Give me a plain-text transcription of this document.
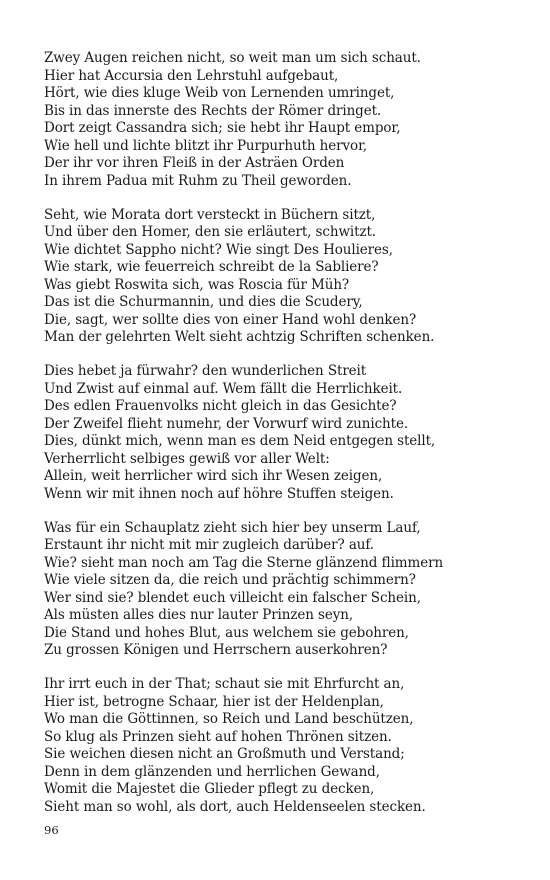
Zwey Augen reichen nicht, so weit man um sich schaut.
Hier hat Accursia den Lehrstuhl aufgebaut,
Hört, wie dies kluge Weib von Lernenden umringet,
Bis in das innerste des Rechts der Römer dringet.
Dort zeigt Cassandra sich; sie hebt ihr Haupt empor,
Wie hell und lichte blitzt ihr Purpurhuth hervor,
Der ihr vor ihren Fleiß in der Asträen Orden
In ihrem Padua mit Ruhm zu Theil geworden.
Seht, wie Morata dort versteckt in Büchern sitzt,
Und über den Homer, den sie erläutert, schwitzt.
Wie dichtet Sappho nicht? Wie singt Des Houlieres,
Wie stark, wie feuerreich schreibt de la Sabliere?
Was giebt Roswita sich, was Roscia für Müh?
Das ist die Schurmannin, und dies die Scudery,
Die, sagt, wer sollte dies von einer Hand wohl denken?
Man der gelehrten Welt sieht achtzig Schriften schenken.
Dies hebet ja fürwahr? den wunderlichen Streit
Und Zwist auf einmal auf. Wem fällt die Herrlichkeit.
Des edlen Frauenvolks nicht gleich in das Gesichte?
Der Zweifel flieht numehr, der Vorwurf wird zunichte.
Dies, dünkt mich, wenn man es dem Neid entgegen stellt,
Verherrlicht selbiges gewiß vor aller Welt:
Allein, weit herrlicher wird sich ihr Wesen zeigen,
Wenn wir mit ihnen noch auf höhre Stuffen steigen.
Was für ein Schauplatz zieht sich hier bey unserm Lauf,
Erstaunt ihr nicht mit mir zugleich darüber? auf.
Wie? sieht man noch am Tag die Sterne glänzend flimmern
Wie viele sitzen da, die reich und prächtig schimmern?
Wer sind sie? blendet euch villeicht ein falscher Schein,
Als müsten alles dies nur lauter Prinzen seyn,
Die Stand und hohes Blut, aus welchem sie gebohren,
Zu grossen Königen und Herrschern auserkohren?
Ihr irrt euch in der That; schaut sie mit Ehrfurcht an,
Hier ist, betrogne Schaar, hier ist der Heldenplan,
Wo man die Göttinnen, so Reich und Land beschützen,
So klug als Prinzen sieht auf hohen Thrönen sitzen.
Sie weichen diesen nicht an Großmuth und Verstand;
Denn in dem glänzenden und herrlichen Gewand,
Womit die Majestet die Glieder pflegt zu decken,
Sieht man so wohl, als dort, auch Heldenseelen stecken.
96
